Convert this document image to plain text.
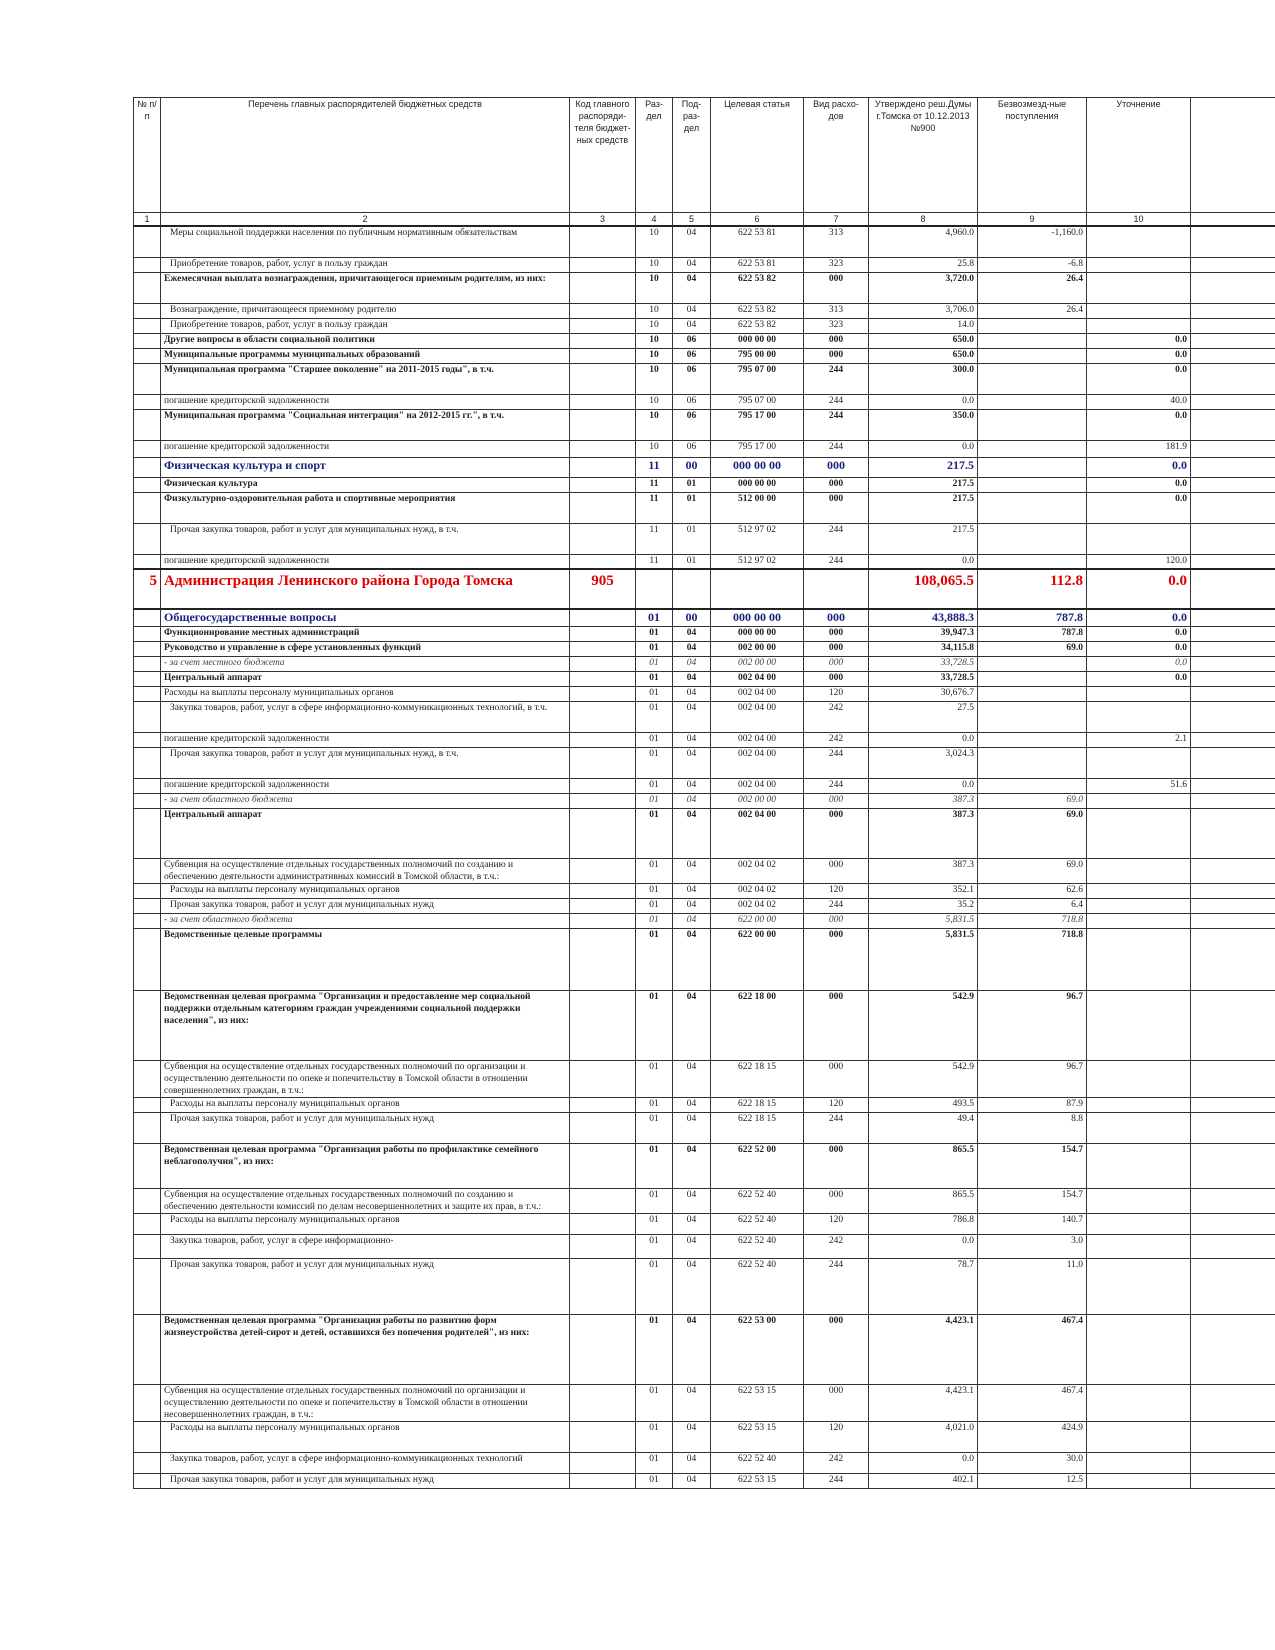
№ п/п	Перечень главных распорядителей бюджетных средств	Код главного распоряди-теля бюджет-ных средств	Раз-дел	Под-раз-дел	Целевая статья	Вид расхо-дов	Утверждено реш.Думы г.Томска от 10.12.2013 №900	Безвозмезд-ные поступления	Уточнение	
1	2	3	4	5	6	7	8	9	10	
	Меры социальной поддержки населения по публичным нормативным обязательствам		10	04	622 53 81	313	4,960.0	-1,160.0		
	Приобретение товаров, работ, услуг в пользу граждан		10	04	622 53 81	323	25.8	-6.8		
	Ежемесячная выплата вознаграждения, причитающегося приемным родителям, из них:		10	04	622 53 82	000	3,720.0	26.4		
	Вознаграждение, причитающееся приемному родителю		10	04	622 53 82	313	3,706.0	26.4		
	Приобретение товаров, работ, услуг в пользу граждан		10	04	622 53 82	323	14.0			
	Другие вопросы в области социальной политики		10	06	000 00 00	000	650.0		0.0	
	Муниципальные программы муниципальных образований		10	06	795 00 00	000	650.0		0.0	
	Муниципальная программа "Старшее поколение" на 2011-2015 годы", в т.ч.		10	06	795 07 00	244	300.0		0.0	
	погашение кредиторской задолженности		10	06	795 07 00	244	0.0		40.0	
	Муниципальная программа "Социальная интеграция" на 2012-2015 гг.", в т.ч.		10	06	795 17 00	244	350.0		0.0	
	погашение кредиторской задолженности		10	06	795 17 00	244	0.0		181.9	
	Физическая культура и спорт		11	00	000 00 00	000	217.5		0.0	
	Физическая культура		11	01	000 00 00	000	217.5		0.0	
	Физкультурно-оздоровительная работа и спортивные мероприятия		11	01	512 00 00	000	217.5		0.0	
	Прочая закупка товаров, работ и услуг для муниципальных нужд, в т.ч.		11	01	512 97 02	244	217.5			
	погашение кредиторской задолженности		11	01	512 97 02	244	0.0		120.0	
5	Администрация Ленинского района Города Томска	905					108,065.5	112.8	0.0	
	Общегосударственные вопросы		01	00	000 00 00	000	43,888.3	787.8	0.0	
	Функционирование местных администраций		01	04	000 00 00	000	39,947.3	787.8	0.0	
	Руководство и управление в сфере установленных функций		01	04	002 00 00	000	34,115.8	69.0	0.0	
	- за счет местного бюджета		01	04	002 00 00	000	33,728.5		0.0	
	Центральный аппарат		01	04	002 04 00	000	33,728.5		0.0	
	Расходы на выплаты персоналу муниципальных органов		01	04	002 04 00	120	30,676.7			
	Закупка товаров, работ, услуг в сфере информационно-коммуникационных технологий, в т.ч.		01	04	002 04 00	242	27.5			
	погашение кредиторской задолженности		01	04	002 04 00	242	0.0		2.1	
	Прочая закупка товаров, работ и услуг для муниципальных нужд, в т.ч.		01	04	002 04 00	244	3,024.3			
	погашение кредиторской задолженности		01	04	002 04 00	244	0.0		51.6	
	- за счет областного бюджета		01	04	002 00 00	000	387.3	69.0		
	Центральный аппарат		01	04	002 04 00	000	387.3	69.0		
	Субвенция на осуществление отдельных государственных полномочий по созданию и обеспечению деятельности административных комиссий в Томской области, в т.ч.:		01	04	002 04 02	000	387.3	69.0		
	Расходы на выплаты персоналу муниципальных органов		01	04	002 04 02	120	352.1	62.6		
	Прочая закупка товаров, работ и услуг для муниципальных нужд		01	04	002 04 02	244	35.2	6.4		
	- за счет областного бюджета		01	04	622 00 00	000	5,831.5	718.8		
	Ведомственные целевые программы		01	04	622 00 00	000	5,831.5	718.8		
	Ведомственная целевая программа "Организация и предоставление мер социальной поддержки отдельным категориям граждан учреждениями социальной поддержки населения", из них:		01	04	622 18 00	000	542.9	96.7		
	Субвенция на осуществление отдельных государственных полномочий по организации и осуществлению деятельности по опеке и попечительству в Томской области в отношении совершеннолетних граждан, в т.ч.:		01	04	622 18 15	000	542.9	96.7		
	Расходы на выплаты персоналу муниципальных органов		01	04	622 18 15	120	493.5	87.9		
	Прочая закупка товаров, работ и услуг для муниципальных нужд		01	04	622 18 15	244	49.4	8.8		
	Ведомственная целевая программа "Организация работы по профилактике семейного неблагополучия", из них:		01	04	622 52 00	000	865.5	154.7		
	Субвенция на осуществление отдельных государственных полномочий по созданию и обеспечению деятельности комиссий по делам несовершеннолетних и защите их прав, в т.ч.:		01	04	622 52 40	000	865.5	154.7		
	Расходы на выплаты персоналу муниципальных органов		01	04	622 52 40	120	786.8	140.7		
	Закупка товаров, работ, услуг в сфере информационно-		01	04	622 52 40	242	0.0	3.0		
	Прочая закупка товаров, работ и услуг для муниципальных нужд		01	04	622 52 40	244	78.7	11.0		
	Ведомственная целевая программа "Организация работы по развитию форм жизнеустройства детей-сирот и детей, оставшихся без попечения родителей", из них:		01	04	622 53 00	000	4,423.1	467.4		
	Субвенция на осуществление отдельных государственных полномочий по организации и осуществлению деятельности по опеке и попечительству в Томской области в отношении несовершеннолетних граждан, в т.ч.:		01	04	622 53 15	000	4,423.1	467.4		
	Расходы на выплаты персоналу муниципальных органов		01	04	622 53 15	120	4,021.0	424.9		
	Закупка товаров, работ, услуг в сфере информационно-коммуникационных технологий		01	04	622 52 40	242	0.0	30.0		
	Прочая закупка товаров, работ и услуг для муниципальных нужд		01	04	622 53 15	244	402.1	12.5		
